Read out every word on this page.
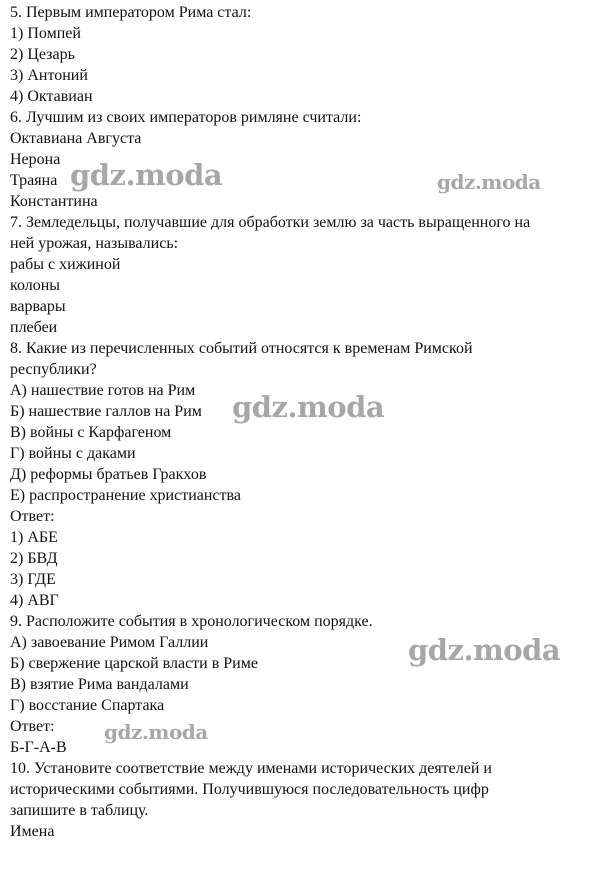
5. Первым императором Рима стал:
1) Помпей
2) Цезарь
3) Антоний
4) Октавиан
6. Лучшим из своих императоров римляне считали:
Октавиана Августа
Нерона
Траяна
Константина
7. Земледельцы, получавшие для обработки землю за часть выращенного на
ней урожая, назывались:
рабы с хижиной
колоны
варвары
плебеи
8. Какие из перечисленных событий относятся к временам Римской
республики?
А) нашествие готов на Рим
Б) нашествие галлов на Рим
В) войны с Карфагеном
Г) войны с даками
Д) реформы братьев Гракхов
Е) распространение христианства
Ответ:
1) АБЕ
2) БВД
3) ГДЕ
4) АВГ
9. Расположите события в хронологическом порядке.
А) завоевание Римом Галлии
Б) свержение царской власти в Риме
В) взятие Рима вандалами
Г) восстание Спартака
Ответ:
Б-Г-А-В
10. Установите соответствие между именами исторических деятелей и
историческими событиями. Получившуюся последовательность цифр
запишите в таблицу.
Имена
gdz.moda	gdz.moda
gdz.moda
gdz.moda
gdz.moda
